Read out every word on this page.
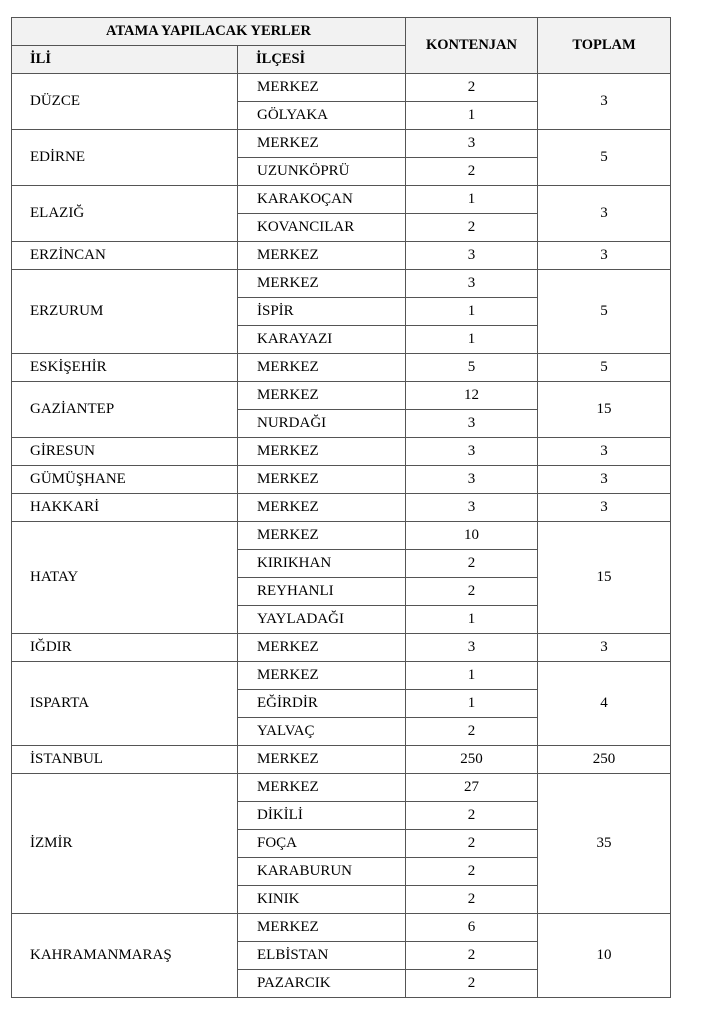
ATAMA YAPILACAK YERLER		KONTENJAN	TOPLAM
İLİ	İLÇESİ		
DÜZCE	MERKEZ	2	3
	GÖLYAKA	1	
EDİRNE	MERKEZ	3	5
	UZUNKÖPRÜ	2	
ELAZIĞ	KARAKOÇAN	1	3
	KOVANCILAR	2	
ERZİNCAN	MERKEZ	3	3
ERZURUM	MERKEZ	3	5
	İSPİR	1	
	KARAYAZI	1	
ESKİŞEHİR	MERKEZ	5	5
GAZİANTEP	MERKEZ	12	15
	NURDAĞI	3	
GİRESUN	MERKEZ	3	3
GÜMÜŞHANE	MERKEZ	3	3
HAKKARİ	MERKEZ	3	3
HATAY	MERKEZ	10	15
	KIRIKHAN	2	
	REYHANLI	2	
	YAYLADAĞI	1	
IĞDIR	MERKEZ	3	3
ISPARTA	MERKEZ	1	4
	EĞİRDİR	1	
	YALVAÇ	2	
İSTANBUL	MERKEZ	250	250
İZMİR	MERKEZ	27	35
	DİKİLİ	2	
	FOÇA	2	
	KARABURUN	2	
	KINIK	2	
KAHRAMANMARAŞ	MERKEZ	6	10
	ELBİSTAN	2	
	PAZARCIK	2	
